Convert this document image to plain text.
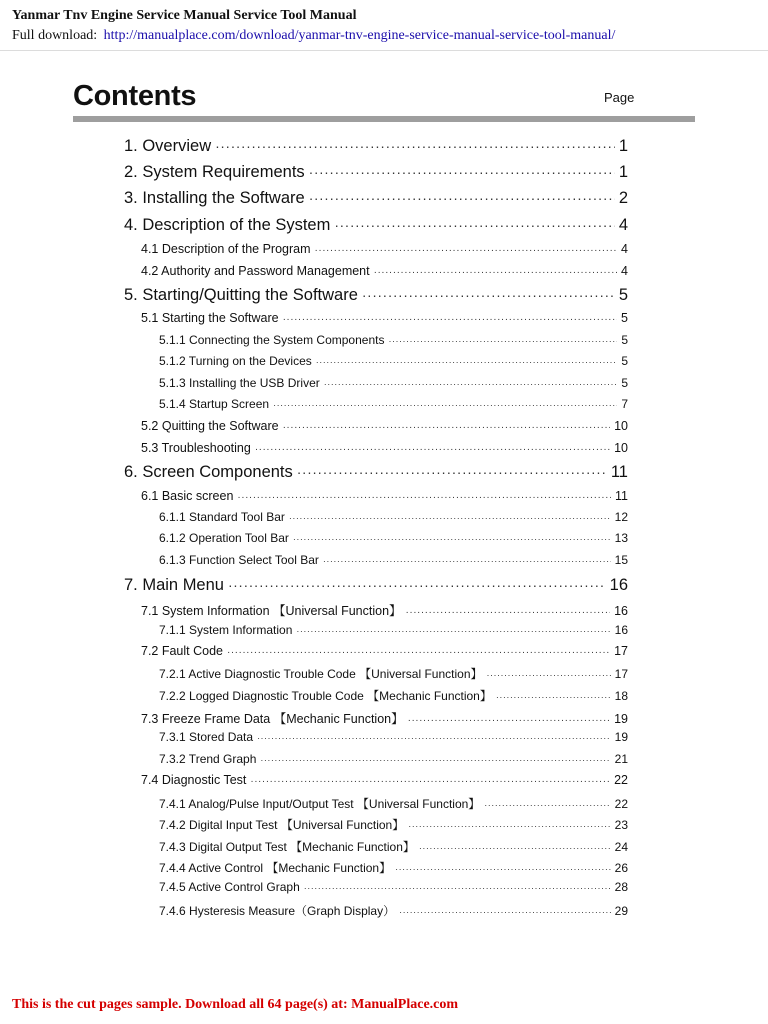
Yanmar Tnv Engine Service Manual Service Tool Manual
Full download: http://manualplace.com/download/yanmar-tnv-engine-service-manual-service-tool-manual/
Contents	Page
1. Overview ·····	1
2. System Requirements ·····	1
3. Installing the Software ·····	2
4. Description of the System ·····	4
4.1 Description of the Program ·····	4
4.2 Authority and Password Management ·····	4
5. Starting/Quitting the Software ·····	5
5.1 Starting the Software ·····	5
5.1.1 Connecting the System Components ·····	5
5.1.2 Turning on the Devices ·····	5
5.1.3 Installing the USB Driver ·····	5
5.1.4 Startup Screen ·····	7
5.2 Quitting the Software ·····	10
5.3 Troubleshooting ·····	10
6. Screen Components ·····	11
6.1 Basic screen ·····	11
6.1.1 Standard Tool Bar ·····	12
6.1.2 Operation Tool Bar ·····	13
6.1.3 Function Select Tool Bar ·····	15
7. Main Menu ·····	16
7.1 System Information 【Universal Function】 ·····	16
7.1.1 System Information ·····	16
7.2 Fault Code ·····	17
7.2.1 Active Diagnostic Trouble Code 【Universal Function】 ·····	17
7.2.2 Logged Diagnostic Trouble Code 【Mechanic Function】 ·····	18
7.3 Freeze Frame Data 【Mechanic Function】 ·····	19
7.3.1 Stored Data ·····	19
7.3.2 Trend Graph ·····	21
7.4 Diagnostic Test ·····	22
7.4.1 Analog/Pulse Input/Output Test 【Universal Function】 ·····	22
7.4.2 Digital Input Test 【Universal Function】 ·····	23
7.4.3 Digital Output Test 【Mechanic Function】 ·····	24
7.4.4 Active Control 【Mechanic Function】 ·····	26
7.4.5 Active Control Graph ·····	28
7.4.6 Hysteresis Measure（Graph Display） ·····	29
This is the cut pages sample. Download all 64 page(s) at: ManualPlace.com
